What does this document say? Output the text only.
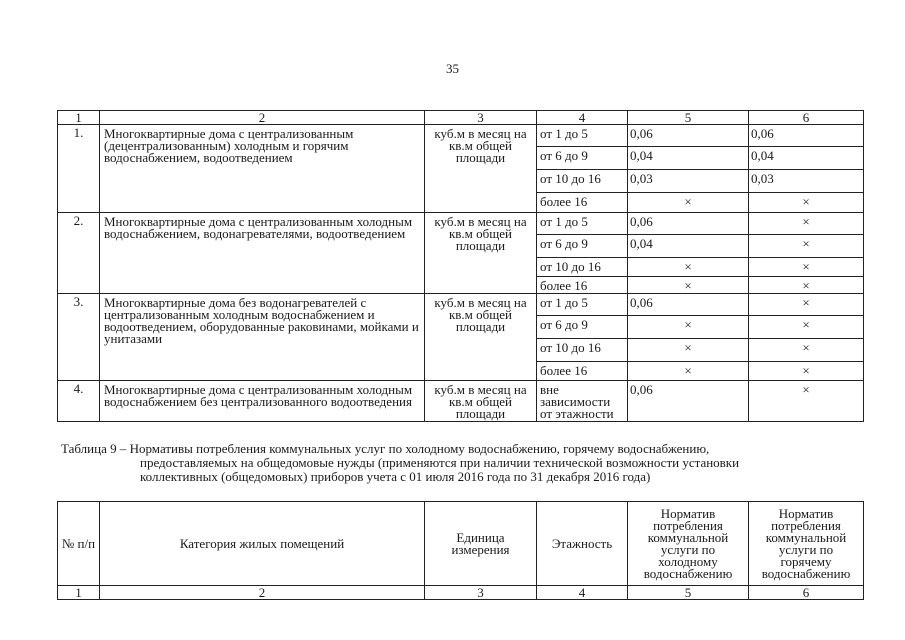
35
1	2	3	4	5	6
1.	Многоквартирные дома с централизованным (децентрализованным) холодным и горячим водоснабжением, водоотведением	куб.м в месяц на кв.м общей площади	от 1 до 5	0,06	0,06
			от 6 до 9	0,04	0,04
			от 10 до 16	0,03	0,03
			более 16	×	×
2.	Многоквартирные дома с централизованным холодным водоснабжением, водонагревателями, водоотведением	куб.м в месяц на кв.м общей площади	от 1 до 5	0,06	×
			от 6 до 9	0,04	×
			от 10 до 16	×	×
			более 16	×	×
3.	Многоквартирные дома без водонагревателей с централизованным холодным водоснабжением и водоотведением, оборудованные раковинами, мойками и унитазами	куб.м в месяц на кв.м общей площади	от 1 до 5	0,06	×
			от 6 до 9	×	×
			от 10 до 16	×	×
			более 16	×	×
4.	Многоквартирные дома с централизованным холодным водоснабжением без централизованного водоотведения	куб.м в месяц на кв.м общей площади	вне зависимости от этажности	0,06	×
Таблица 9 – Нормативы потребления коммунальных услуг по холодному водоснабжению, горячему водоснабжению,
предоставляемых на общедомовые нужды (применяются при наличии технической возможности установки
коллективных (общедомовых) приборов учета с 01 июля 2016 года по 31 декабря 2016 года)
№ п/п	Категория жилых помещений	Единица измерения	Этажность	Норматив потребления коммунальной услуги по холодному водоснабжению	Норматив потребления коммунальной услуги по горячему водоснабжению
1	2	3	4	5	6
